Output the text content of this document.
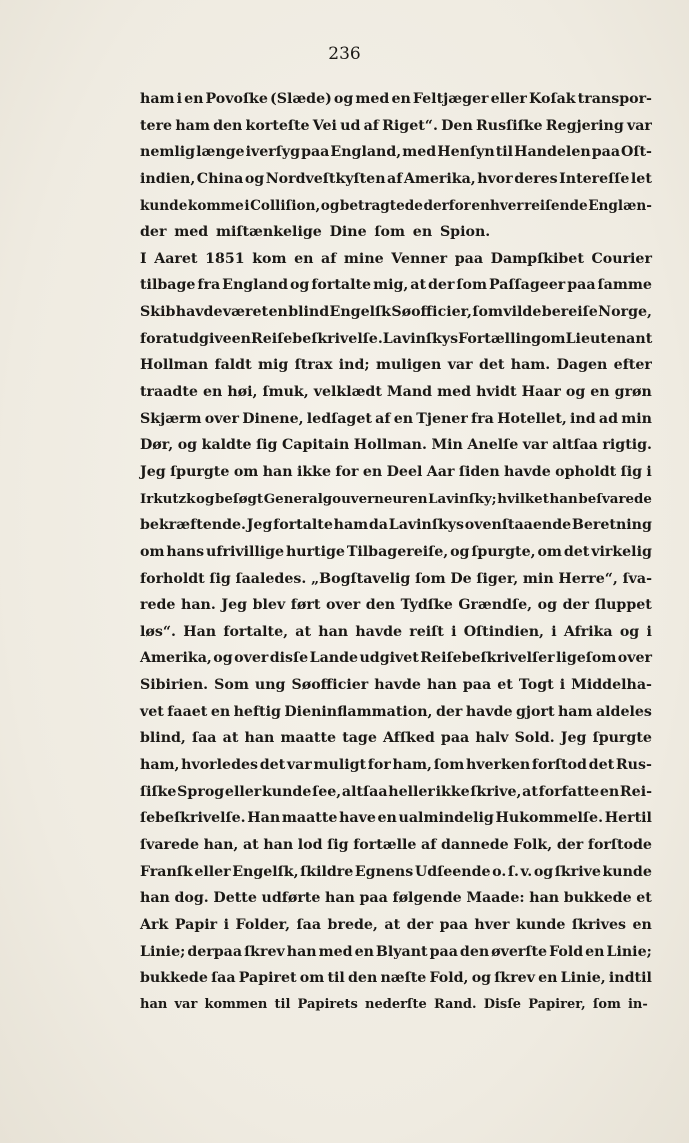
236
ham i en Povoſke (Slæde) og med en Feltjæger eller Koſak transpor-
tere ham den korteſte Vei ud af Riget“. Den Rusſiſke Regjering var
nemlig længe iverſyg paa England, med Henſyn til Handelen paa Oſt-
indien, China og Nordveſtkyſten af Amerika, hvor deres Intereſſe let
kunde komme i Colliſion, og betragtede derfor enhver reiſende Englæn-
der med miſtænkelige Dine ſom en Spion.
I Aaret 1851 kom en af mine Venner paa Dampſkibet Courier
tilbage fra England og fortalte mig, at der ſom Paſſageer paa ſamme
Skib havde været en blind Engelſk Søofficier, ſom vilde bereiſe Norge,
for at udgive en Reiſebeſkrivelſe. Lavinſkys Fortælling om Lieutenant
Hollman faldt mig ſtrax ind; muligen var det ham. Dagen efter
traadte en høi, ſmuk, velklædt Mand med hvidt Haar og en grøn
Skjærm over Dinene, ledſaget af en Tjener fra Hotellet, ind ad min
Dør, og kaldte ſig Capitain Hollman. Min Anelſe var altſaa rigtig.
Jeg ſpurgte om han ikke for en Deel Aar ſiden havde opholdt ſig i
Irkutzk og beſøgt Generalgouverneuren Lavinſky; hvilket han beſvarede
bekræftende. Jeg fortalte ham da Lavinſkys ovenſtaaende Beretning
om hans ufrivillige hurtige Tilbagereiſe, og ſpurgte, om det virkelig
forholdt ſig ſaaledes. „Bogſtavelig ſom De ſiger, min Herre“, ſva-
rede han. Jeg blev ført over den Tydſke Grændſe, og der ſluppet
løs“. Han fortalte, at han havde reiſt i Oſtindien, i Afrika og i
Amerika, og over disſe Lande udgivet Reiſebeſkrivelſer ligeſom over
Sibirien. Som ung Søofficier havde han paa et Togt i Middelha-
vet faaet en heftig Dieninflammation, der havde gjort ham aldeles
blind, ſaa at han maatte tage Afſked paa halv Sold. Jeg ſpurgte
ham, hvorledes det var muligt for ham, ſom hverken forſtod det Rus-
ſiſke Sprog eller kunde ſee, altſaa heller ikke ſkrive, at forfatte en Rei-
ſebeſkrivelſe. Han maatte have en ualmindelig Hukommelſe. Hertil
ſvarede han, at han lod ſig fortælle af dannede Folk, der forſtode
Franſk eller Engelſk, ſkildre Egnens Udſeende o. ſ. v. og ſkrive kunde
han dog. Dette udførte han paa følgende Maade: han bukkede et
Ark Papir i Folder, ſaa brede, at der paa hver kunde ſkrives en
Linie; derpaa ſkrev han med en Blyant paa den øverſte Fold en Linie;
bukkede ſaa Papiret om til den næſte Fold, og ſkrev en Linie, indtil
han var kommen til Papirets nederſte Rand. Disſe Papirer, ſom in-
